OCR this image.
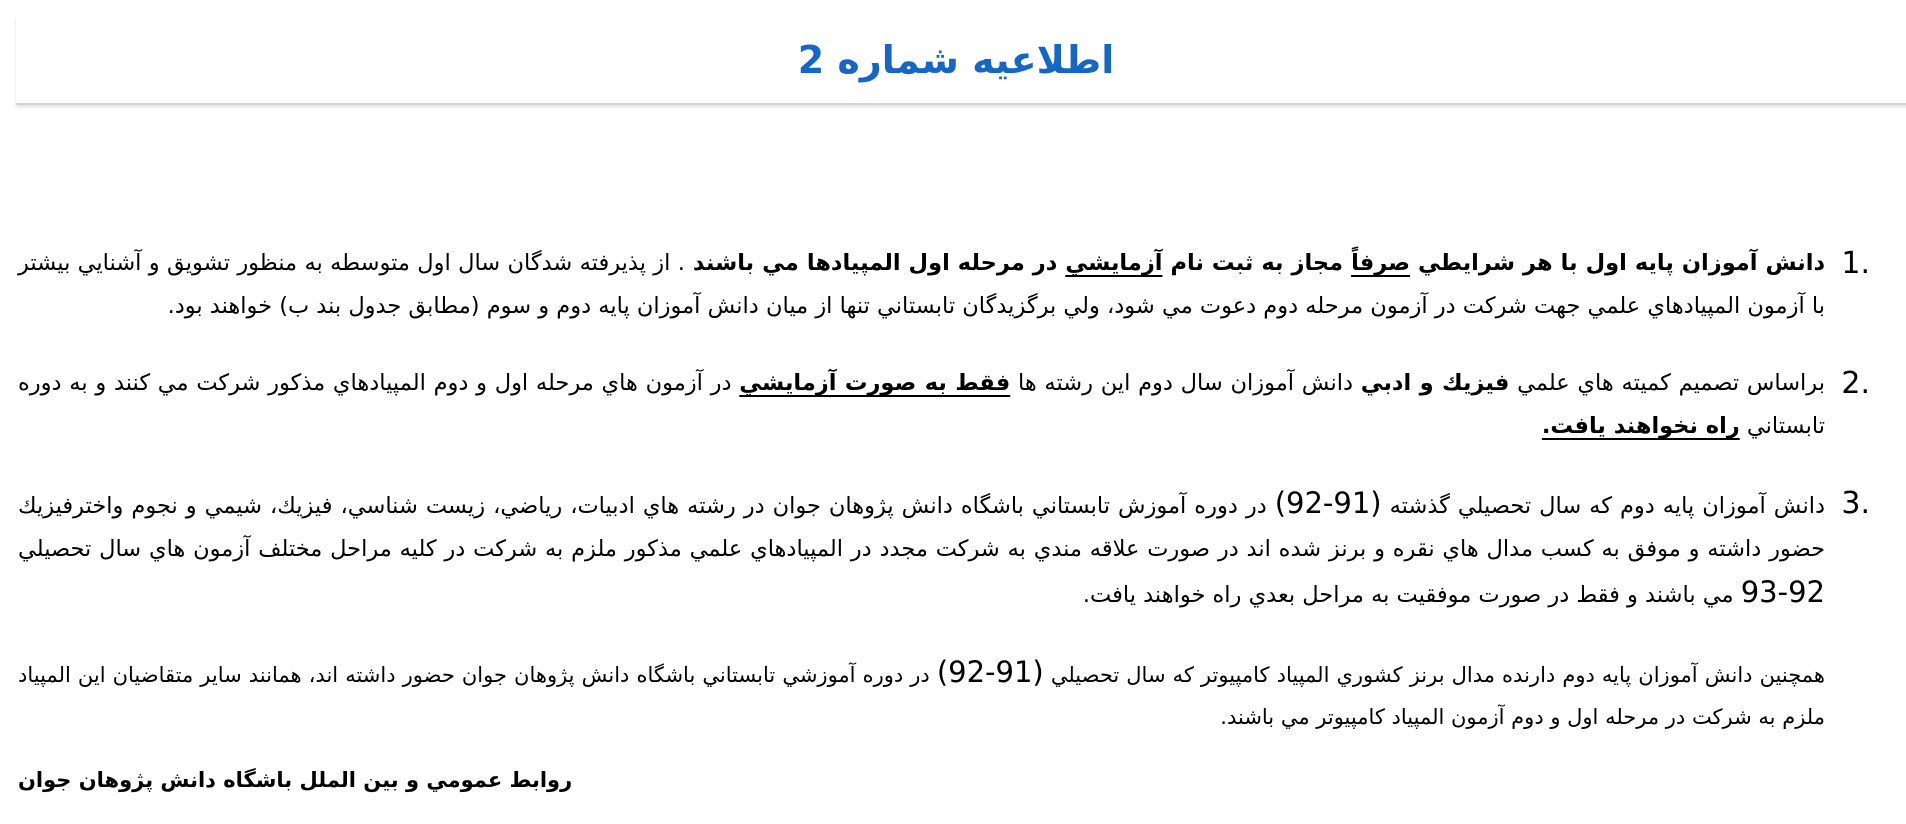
اطلاعيه شماره 2
1.
دانش آموزان پايه اول با هر شرايطي صرفاً مجاز به ثبت نام آزمايشي در مرحله اول المپيادها مي باشند . از پذيرفته شدگان سال اول متوسطه به منظور تشويق و آشنايي بيشتر با آزمون المپيادهاي علمي جهت شركت در آزمون مرحله دوم دعوت مي شود، ولي برگزيدگان تابستاني تنها از ميان دانش آموزان پايه دوم و سوم (مطابق جدول بند ب) خواهند بود.
2.
براساس تصميم كميته هاي علمي فيزيك و ادبي دانش آموزان سال دوم اين رشته ها فقط به صورت آزمايشي در آزمون هاي مرحله اول و دوم المپيادهاي مذكور شركت مي كنند و به دوره تابستاني راه نخواهند يافت.
3.
دانش آموزان پايه دوم كه سال تحصيلي گذشته (92-91) در دوره آموزش تابستاني باشگاه دانش پژوهان جوان در رشته هاي ادبيات، رياضي، زيست شناسي، فيزيك، شيمي و نجوم واخترفيزيك حضور داشته و موفق به كسب مدال هاي نقره و برنز شده اند در صورت علاقه مندي به شركت مجدد در المپيادهاي علمي مذكور ملزم به شركت در كليه مراحل مختلف آزمون هاي سال تحصيلي 93-92 مي باشند و فقط در صورت موفقيت به مراحل بعدي راه خواهند يافت.

همچنين دانش آموزان پايه دوم دارنده مدال برنز كشوري المپياد كامپيوتر كه سال تحصيلي (92-91) در دوره آموزشي تابستاني باشگاه دانش پژوهان جوان حضور داشته اند، همانند ساير متقاضيان اين المپياد ملزم به شركت در مرحله اول و دوم آزمون المپياد كامپيوتر مي باشند.

روابط عمومي و بين الملل باشگاه دانش پژوهان جوان
